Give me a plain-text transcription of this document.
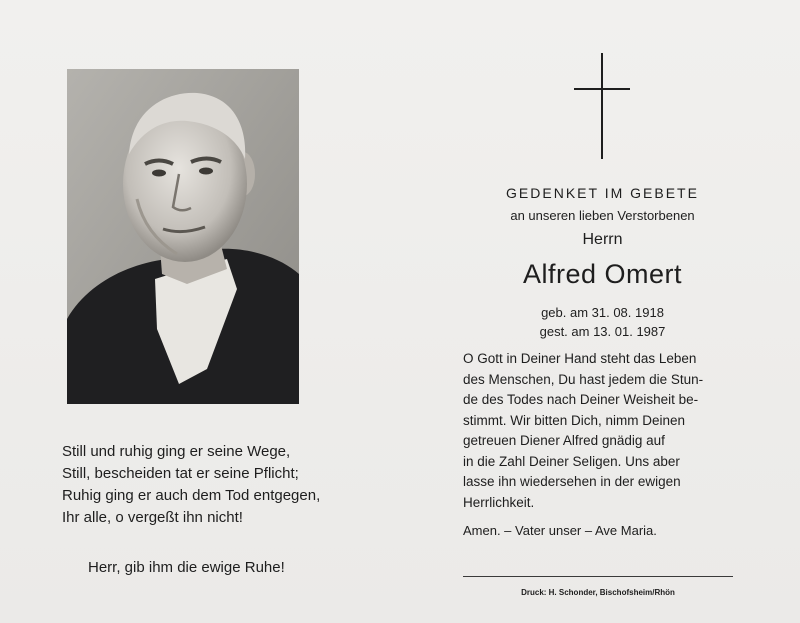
Still und ruhig ging er seine Wege,
Still, bescheiden tat er seine Pflicht;
Ruhig ging er auch dem Tod entgegen,
Ihr alle, o vergeßt ihn nicht!
Herr, gib ihm die ewige Ruhe!
GEDENKET IM GEBETE
an unseren lieben Verstorbenen
Herrn
Alfred Omert
geb. am 31. 08. 1918
gest. am 13. 01. 1987
O Gott in Deiner Hand steht das Leben
des Menschen, Du hast jedem die Stun-
de des Todes nach Deiner Weisheit be-
stimmt. Wir bitten Dich, nimm Deinen
getreuen Diener Alfred gnädig auf
in die Zahl Deiner Seligen. Uns aber
lasse ihn wiedersehen in der ewigen
Herrlichkeit.
Amen. – Vater unser – Ave Maria.
Druck: H. Schonder, Bischofsheim/Rhön
